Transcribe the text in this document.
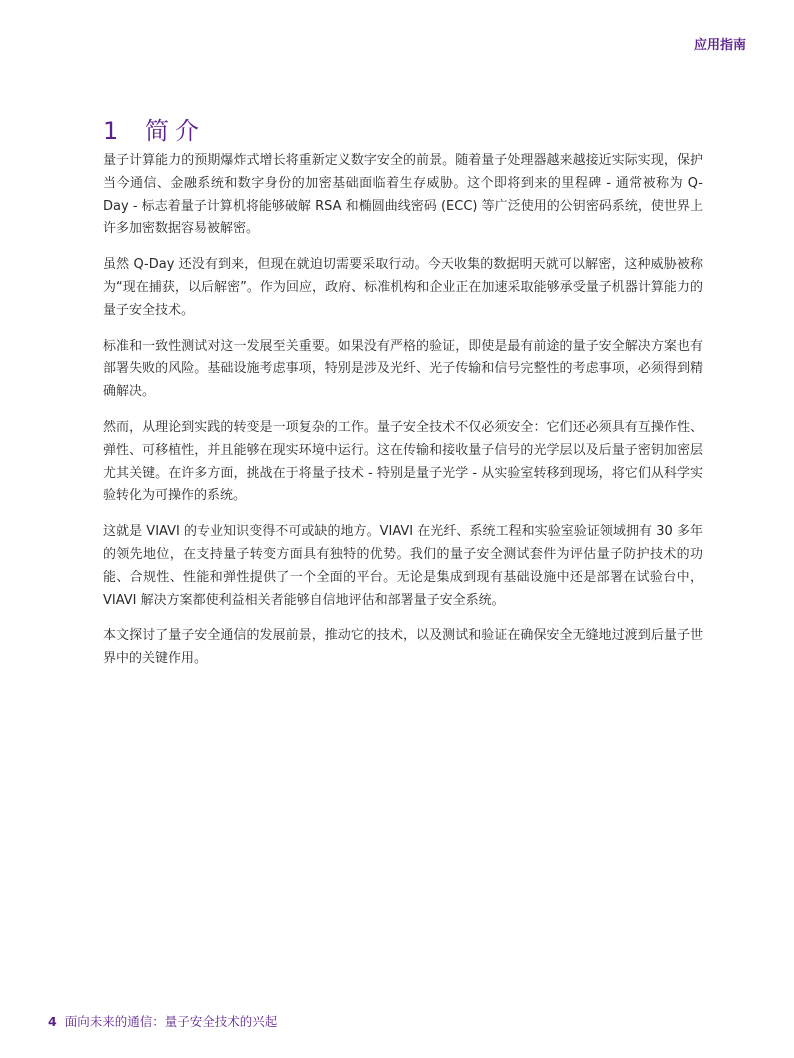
应用指南
1	简介

量子计算能力的预期爆炸式增长将重新定义数字安全的前景。随着量子处理器越来越接近实际实现，保护当今通信、金融系统和数字身份的加密基础面临着生存威胁。这个即将到来的里程碑 - 通常被称为 Q-Day - 标志着量子计算机将能够破解 RSA 和椭圆曲线密码 (ECC) 等广泛使用的公钥密码系统，使世界上许多加密数据容易被解密。

虽然 Q-Day 还没有到来，但现在就迫切需要采取行动。今天收集的数据明天就可以解密，这种威胁被称为“现在捕获，以后解密”。作为回应，政府、标准机构和企业正在加速采取能够承受量子机器计算能力的量子安全技术。

标准和一致性测试对这一发展至关重要。如果没有严格的验证，即使是最有前途的量子安全解决方案也有部署失败的风险。基础设施考虑事项，特别是涉及光纤、光子传输和信号完整性的考虑事项，必须得到精确解决。

然而，从理论到实践的转变是一项复杂的工作。量子安全技术不仅必须安全：它们还必须具有互操作性、弹性、可移植性，并且能够在现实环境中运行。这在传输和接收量子信号的光学层以及后量子密钥加密层尤其关键。在许多方面，挑战在于将量子技术 - 特别是量子光学 - 从实验室转移到现场，将它们从科学实验转化为可操作的系统。

这就是 VIAVI 的专业知识变得不可或缺的地方。VIAVI 在光纤、系统工程和实验室验证领域拥有 30 多年的领先地位，在支持量子转变方面具有独特的优势。我们的量子安全测试套件为评估量子防护技术的功能、合规性、性能和弹性提供了一个全面的平台。无论是集成到现有基础设施中还是部署在试验台中，VIAVI 解决方案都使利益相关者能够自信地评估和部署量子安全系统。

本文探讨了量子安全通信的发展前景，推动它的技术，以及测试和验证在确保安全无缝地过渡到后量子世界中的关键作用。

4 面向未来的通信：量子安全技术的兴起
